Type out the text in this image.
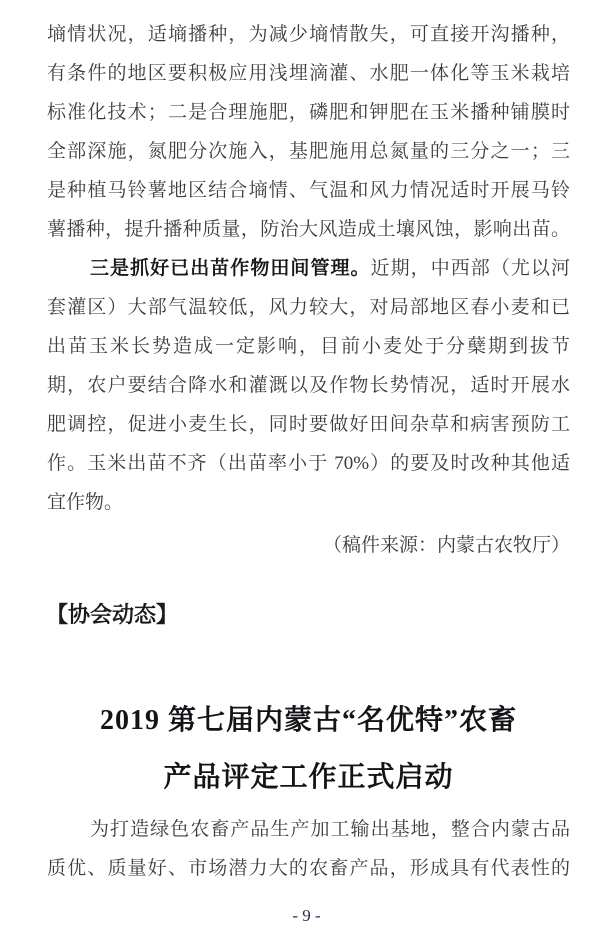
墒情状况，适墒播种，为减少墒情散失，可直接开沟播种，
有条件的地区要积极应用浅埋滴灌、水肥一体化等玉米栽培
标准化技术；二是合理施肥，磷肥和钾肥在玉米播种铺膜时
全部深施，氮肥分次施入，基肥施用总氮量的三分之一；三
是种植马铃薯地区结合墒情、气温和风力情况适时开展马铃
薯播种，提升播种质量，防治大风造成土壤风蚀，影响出苗。
三是抓好已出苗作物田间管理。近期，中西部（尤以河
套灌区）大部气温较低，风力较大，对局部地区春小麦和已
出苗玉米长势造成一定影响，目前小麦处于分蘖期到拔节
期，农户要结合降水和灌溉以及作物长势情况，适时开展水
肥调控，促进小麦生长，同时要做好田间杂草和病害预防工
作。玉米出苗不齐（出苗率小于 70%）的要及时改种其他适
宜作物。
（稿件来源：内蒙古农牧厅）
【协会动态】
2019 第七届内蒙古“名优特”农畜
产品评定工作正式启动
为打造绿色农畜产品生产加工输出基地，整合内蒙古品
质优、质量好、市场潜力大的农畜产品，形成具有代表性的
- 9 -
